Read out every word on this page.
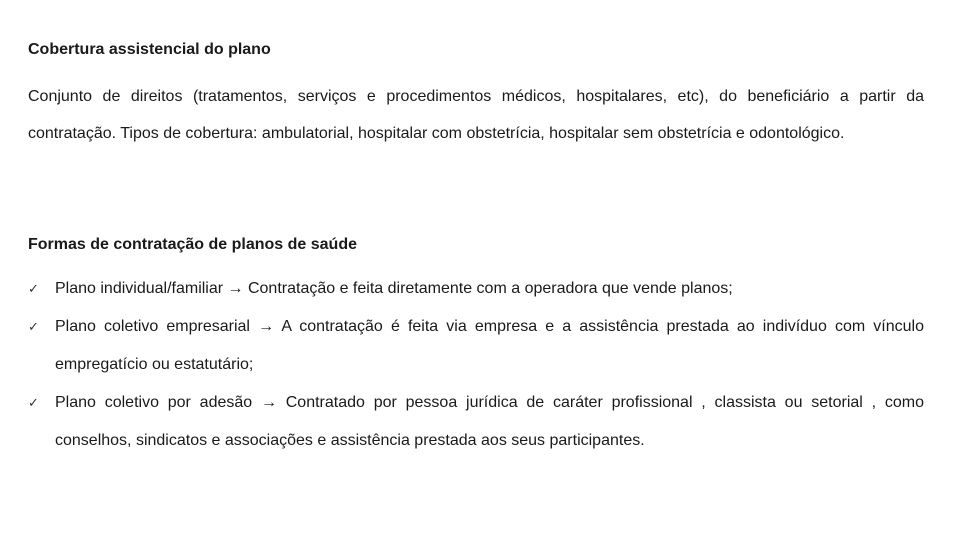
Cobertura assistencial do plano

Conjunto de direitos (tratamentos, serviços e procedimentos médicos, hospitalares, etc), do beneficiário a partir da contratação. Tipos de cobertura: ambulatorial, hospitalar com obstetrícia, hospitalar sem obstetrícia e odontológico.

Formas de contratação de planos de saúde
✓ Plano individual/familiar → Contratação e feita diretamente com a operadora que vende planos;
✓ Plano coletivo empresarial → A contratação é feita via empresa e a assistência prestada ao indivíduo com vínculo empregatício ou estatutário;
✓ Plano coletivo por adesão → Contratado por pessoa jurídica de caráter profissional , classista ou setorial , como conselhos, sindicatos e associações e assistência prestada aos seus participantes.
